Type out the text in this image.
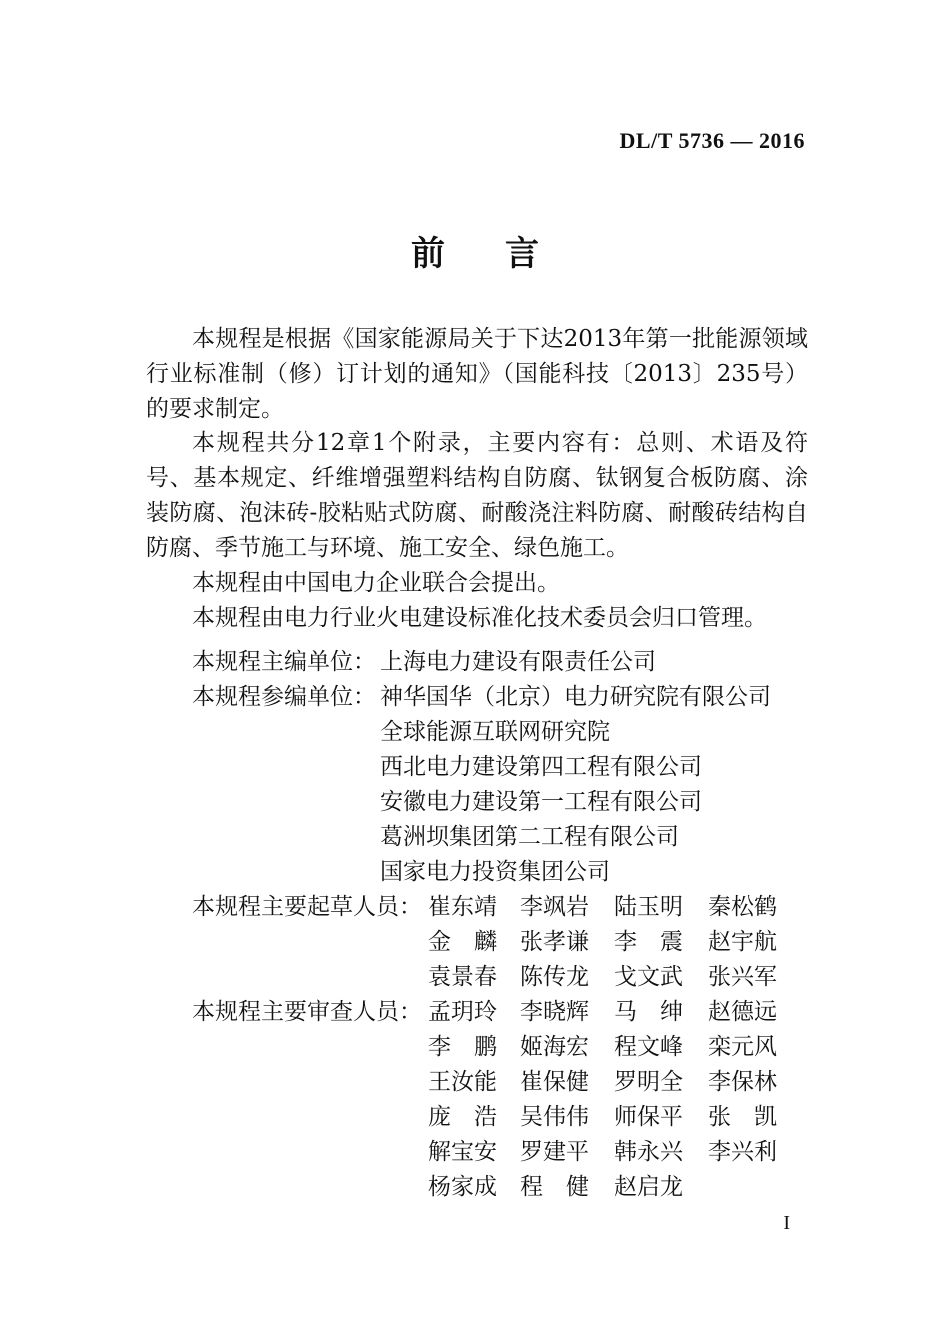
DL/T 5736 — 2016
前言

本规程是根据《国家能源局关于下达2013年第一批能源领域行业标准制（修）订计划的通知》（国能科技〔2013〕235号）的要求制定。

本规程共分12章1个附录，主要内容有：总则、术语及符号、基本规定、纤维增强塑料结构自防腐、钛钢复合板防腐、涂装防腐、泡沫砖-胶粘贴式防腐、耐酸浇注料防腐、耐酸砖结构自防腐、季节施工与环境、施工安全、绿色施工。

本规程由中国电力企业联合会提出。

本规程由电力行业火电建设标准化技术委员会归口管理。

本规程主编单位： 上海电力建设有限责任公司
本规程参编单位： 神华国华（北京）电力研究院有限公司
全球能源互联网研究院
西北电力建设第四工程有限公司
安徽电力建设第一工程有限公司
葛洲坝集团第二工程有限公司
国家电力投资集团公司
本规程主要起草人员： 崔东靖 李飒岩 陆玉明 秦松鹤
金　麟 张孝谦 李　震 赵宇航
袁景春 陈传龙 戈文武 张兴军
本规程主要审查人员： 孟玥玲 李晓辉 马　绅 赵德远
李　鹏 姬海宏 程文峰 栾元风
王汝能 崔保健 罗明全 李保林
庞　浩 吴伟伟 师保平 张　凯
解宝安 罗建平 韩永兴 李兴利
杨家成 程　健 赵启龙
I
